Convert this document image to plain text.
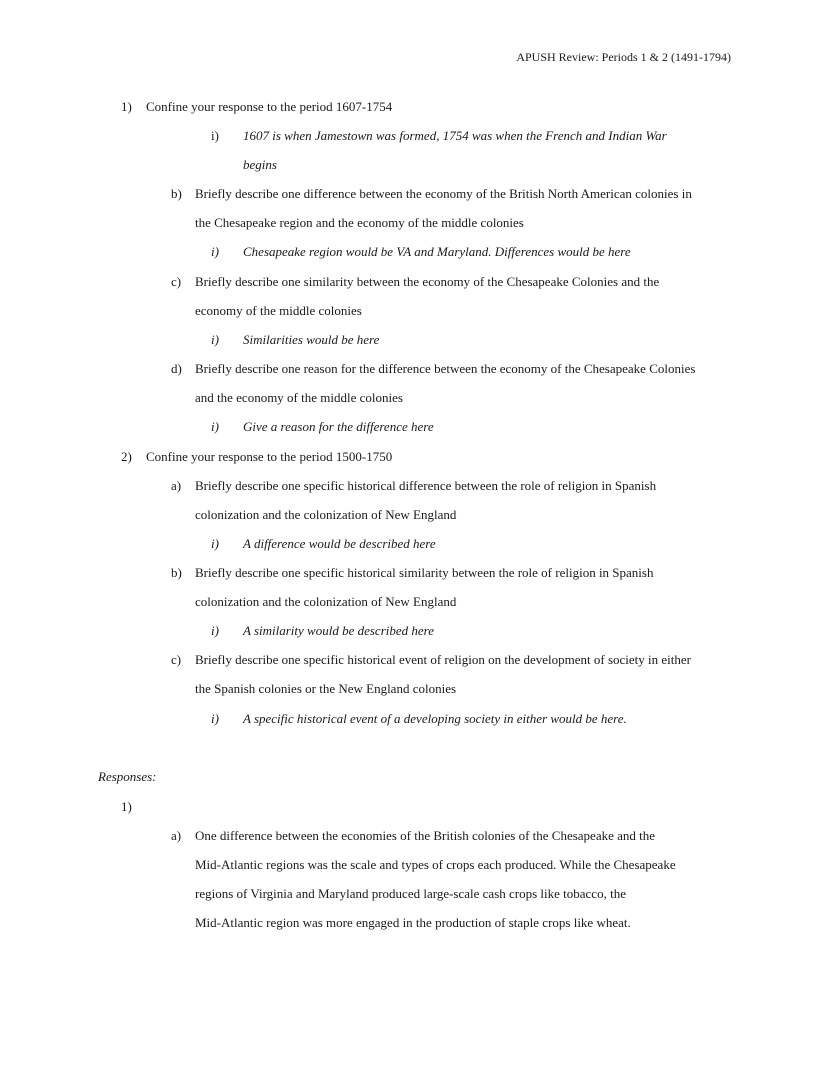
APUSH Review: Periods 1 & 2 (1491-1794)
1) Confine your response to the period 1607-1754
i) 1607 is when Jamestown was formed, 1754 was when the French and Indian War
begins
b) Briefly describe one difference between the economy of the British North American colonies in
the Chesapeake region and the economy of the middle colonies
i) Chesapeake region would be VA and Maryland. Differences would be here
c) Briefly describe one similarity between the economy of the Chesapeake Colonies and the
economy of the middle colonies
i) Similarities would be here
d) Briefly describe one reason for the difference between the economy of the Chesapeake Colonies
and the economy of the middle colonies
i) Give a reason for the difference here
2) Confine your response to the period 1500-1750
a) Briefly describe one specific historical difference between the role of religion in Spanish
colonization and the colonization of New England
i) A difference would be described here
b) Briefly describe one specific historical similarity between the role of religion in Spanish
colonization and the colonization of New England
i) A similarity would be described here
c) Briefly describe one specific historical event of religion on the development of society in either
the Spanish colonies or the New England colonies
i) A specific historical event of a developing society in either would be here.
Responses:
1)
a) One difference between the economies of the British colonies of the Chesapeake and the
Mid-Atlantic regions was the scale and types of crops each produced. While the Chesapeake
regions of Virginia and Maryland produced large-scale cash crops like tobacco, the
Mid-Atlantic region was more engaged in the production of staple crops like wheat.
